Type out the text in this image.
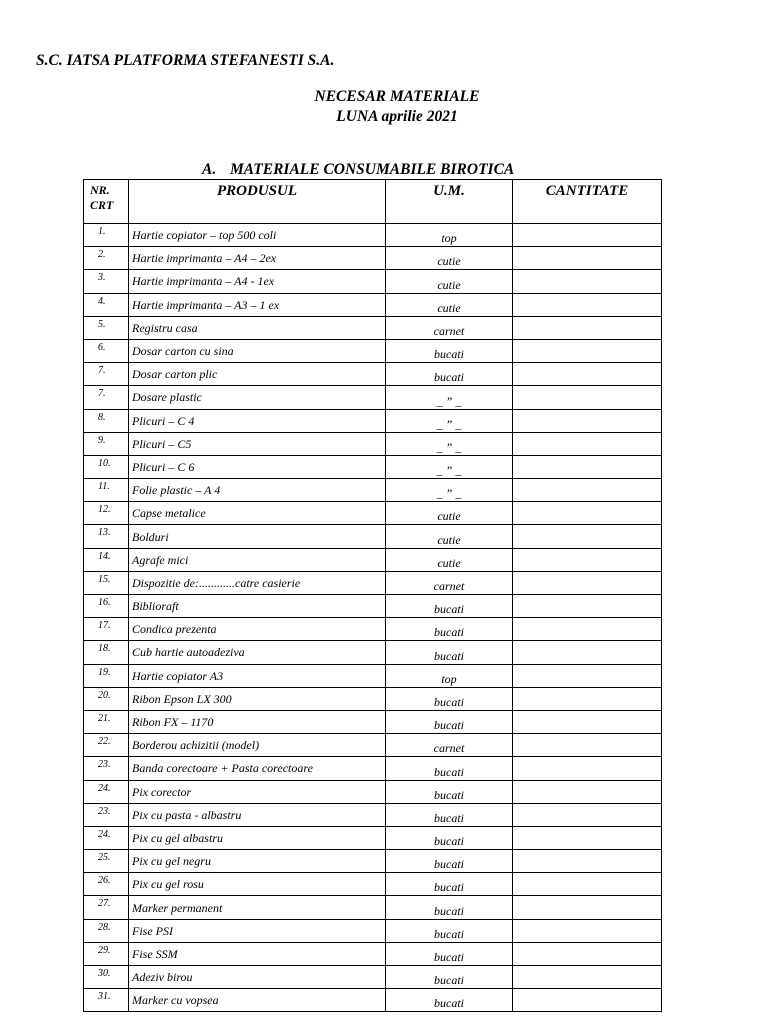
S.C. IATSA PLATFORMA STEFANESTI S.A.

NECESAR MATERIALE

LUNA aprilie 2021

A. MATERIALE CONSUMABILE BIROTICA

NR.
CRT	PRODUSUL	U.M.	CANTITATE
1.	Hartie copiator – top 500 coli	top	
2.	Hartie imprimanta – A4 – 2ex	cutie	
3.	Hartie imprimanta – A4 - 1ex	cutie	
4.	Hartie imprimanta – A3 – 1 ex	cutie	
5.	Registru casa	carnet	
6.	Dosar carton cu sina	bucati	
7.	Dosar carton plic	bucati	
7.	Dosare plastic	_ ” _	
8.	Plicuri – C 4	_ ” _	
9.	Plicuri – C5	_ ” _	
10.	Plicuri – C 6	_ ” _	
11.	Folie plastic – A 4	_ ” _	
12.	Capse metalice	cutie	
13.	Bolduri	cutie	
14.	Agrafe mici	cutie	
15.	Dispozitie de:............catre casierie	carnet	
16.	Biblioraft	bucati	
17.	Condica prezenta	bucati	
18.	Cub hartie autoadeziva	bucati	
19.	Hartie copiator A3	top	
20.	Ribon Epson LX 300	bucati	
21.	Ribon FX – 1170	bucati	
22.	Borderou achizitii (model)	carnet	
23.	Banda corectoare + Pasta corectoare	bucati	
24.	Pix corector	bucati	
23.	Pix cu pasta - albastru	bucati	
24.	Pix cu gel albastru	bucati	
25.	Pix cu gel negru	bucati	
26.	Pix cu gel rosu	bucati	
27.	Marker permanent	bucati	
28.	Fise PSI	bucati	
29.	Fise SSM	bucati	
30.	Adeziv birou	bucati	
31.	Marker cu vopsea	bucati	
